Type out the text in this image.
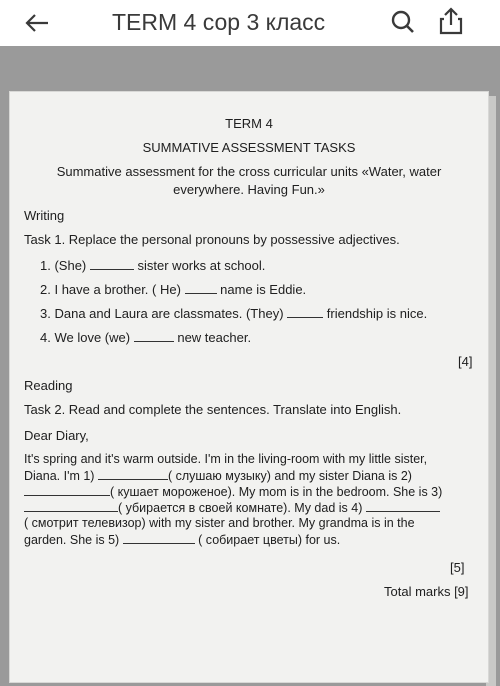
TERM 4 соp 3 класс
TERM 4
SUMMATIVE ASSESSMENT TASKS
Summative assessment for the cross curricular units «Water, water
everywhere. Having Fun.»
Writing
Task 1. Replace the personal pronouns by possessive adjectives.
1. (She)	sister works at school.
2. I have a brother. ( He)	name is Eddie.
3. Dana and Laura are classmates. (They)	friendship is nice.
4. We love (we)	new teacher.
[4]
Reading
Task 2. Read and complete the sentences. Translate into English.
Dear Diary,
It's spring and it's warm outside. I'm in the living-room with my little sister,
Diana. I'm 1)	( слушаю музыку) and my sister Diana is 2)
( кушает мороженое). My mom is in the bedroom. She is 3)
( убирается в своей комнате). My dad is 4)
( смотрит телевизор) with my sister and brother. My grandma is in the
garden. She is 5)	( собирает цветы) for us.
[5]
Total marks [9]
